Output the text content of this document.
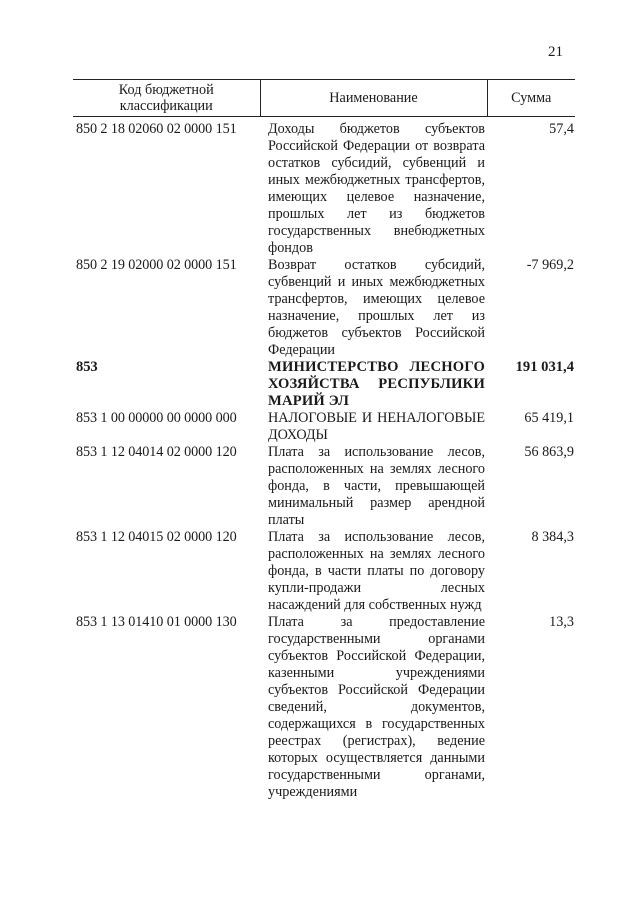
21
Код бюджетной классификации	Наименование	Сумма
850 2 18 02060 02 0000 151	Доходы бюджетов субъектов Российской Федерации от возврата остатков субсидий, субвенций и иных межбюджетных трансфертов, имеющих целевое назначение, прошлых лет из бюджетов государственных внебюджетных фондов	57,4
850 2 19 02000 02 0000 151	Возврат остатков субсидий, субвенций и иных межбюджетных трансфертов, имеющих целевое назначение, прошлых лет из бюджетов субъектов Российской Федерации	-7 969,2
853	МИНИСТЕРСТВО ЛЕСНОГО ХОЗЯЙСТВА РЕСПУБЛИКИ МАРИЙ ЭЛ	191 031,4
853 1 00 00000 00 0000 000	НАЛОГОВЫЕ И НЕНАЛОГОВЫЕ ДОХОДЫ	65 419,1
853 1 12 04014 02 0000 120	Плата за использование лесов, расположенных на землях лесного фонда, в части, превышающей минимальный размер арендной платы	56 863,9
853 1 12 04015 02 0000 120	Плата за использование лесов, расположенных на землях лесного фонда, в части платы по договору купли-продажи лесных насаждений для собственных нужд	8 384,3
853 1 13 01410 01 0000 130	Плата за предоставление государственными органами субъектов Российской Федерации, казенными учреждениями субъектов Российской Федерации сведений, документов, содержащихся в государственных реестрах (регистрах), ведение которых осуществляется данными государственными органами, учреждениями	13,3
